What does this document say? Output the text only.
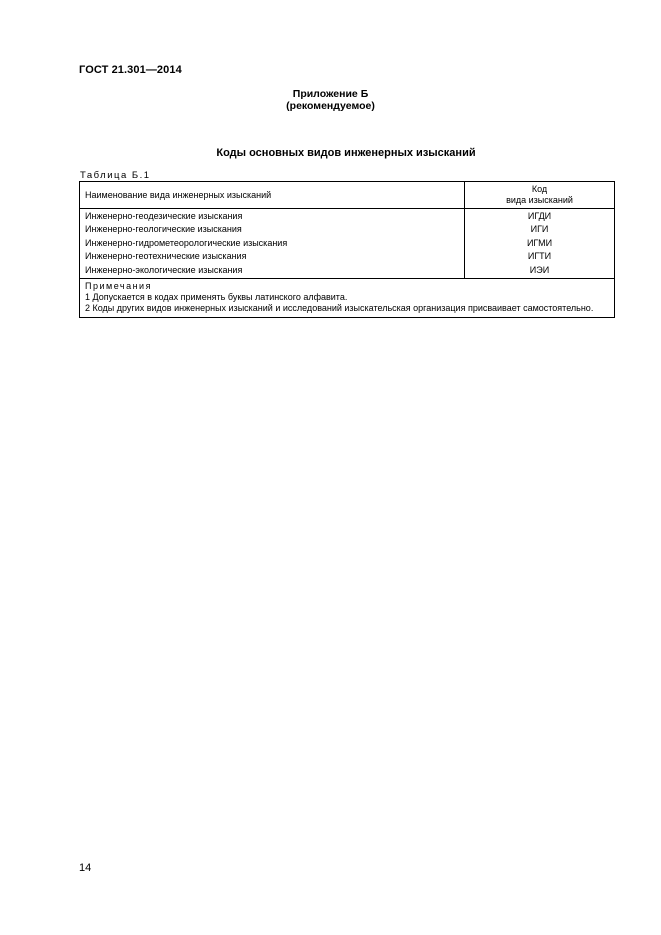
ГОСТ 21.301—2014
Приложение Б
(рекомендуемое)
Коды основных видов инженерных изысканий
Таблица Б.1
Наименование вида инженерных изысканий
Код
вида изысканий
Инженерно-геодезические изыскания
Инженерно-геологические изыскания
Инженерно-гидрометеорологические изыскания
Инженерно-геотехнические изыскания
Инженерно-экологические изыскания
ИГДИ
ИГИ
ИГМИ
ИГТИ
ИЭИ
Примечания
1 Допускается в кодах применять буквы латинского алфавита.
2 Коды других видов инженерных изысканий и исследований изыскательская организация присваивает самостоятельно.
14
